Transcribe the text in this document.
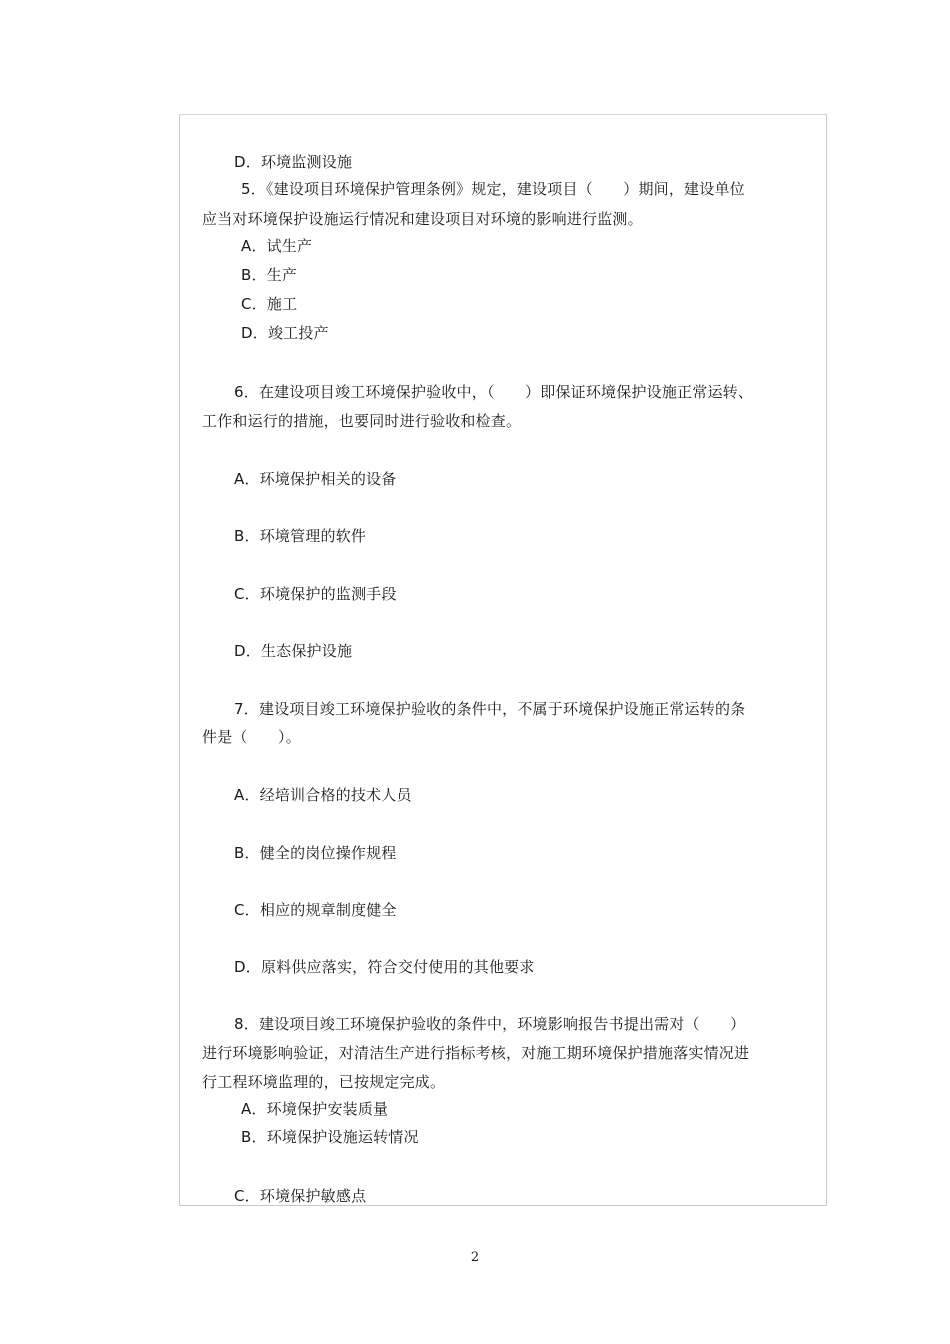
D．环境监测设施
5．《建设项目环境保护管理条例》规定，建设项目（　　）期间，建设单位
应当对环境保护设施运行情况和建设项目对环境的影响进行监测。
A．试生产
B．生产
C．施工
D．竣工投产
6．在建设项目竣工环境保护验收中，（　　）即保证环境保护设施正常运转、
工作和运行的措施，也要同时进行验收和检查。
A．环境保护相关的设备
B．环境管理的软件
C．环境保护的监测手段
D．生态保护设施
7．建设项目竣工环境保护验收的条件中，不属于环境保护设施正常运转的条
件是（　　）。
A．经培训合格的技术人员
B．健全的岗位操作规程
C．相应的规章制度健全
D．原料供应落实，符合交付使用的其他要求
8．建设项目竣工环境保护验收的条件中，环境影响报告书提出需对（　　）
进行环境影响验证，对清洁生产进行指标考核，对施工期环境保护措施落实情况进
行工程环境监理的，已按规定完成。
A．环境保护安装质量
B．环境保护设施运转情况
C．环境保护敏感点
2
